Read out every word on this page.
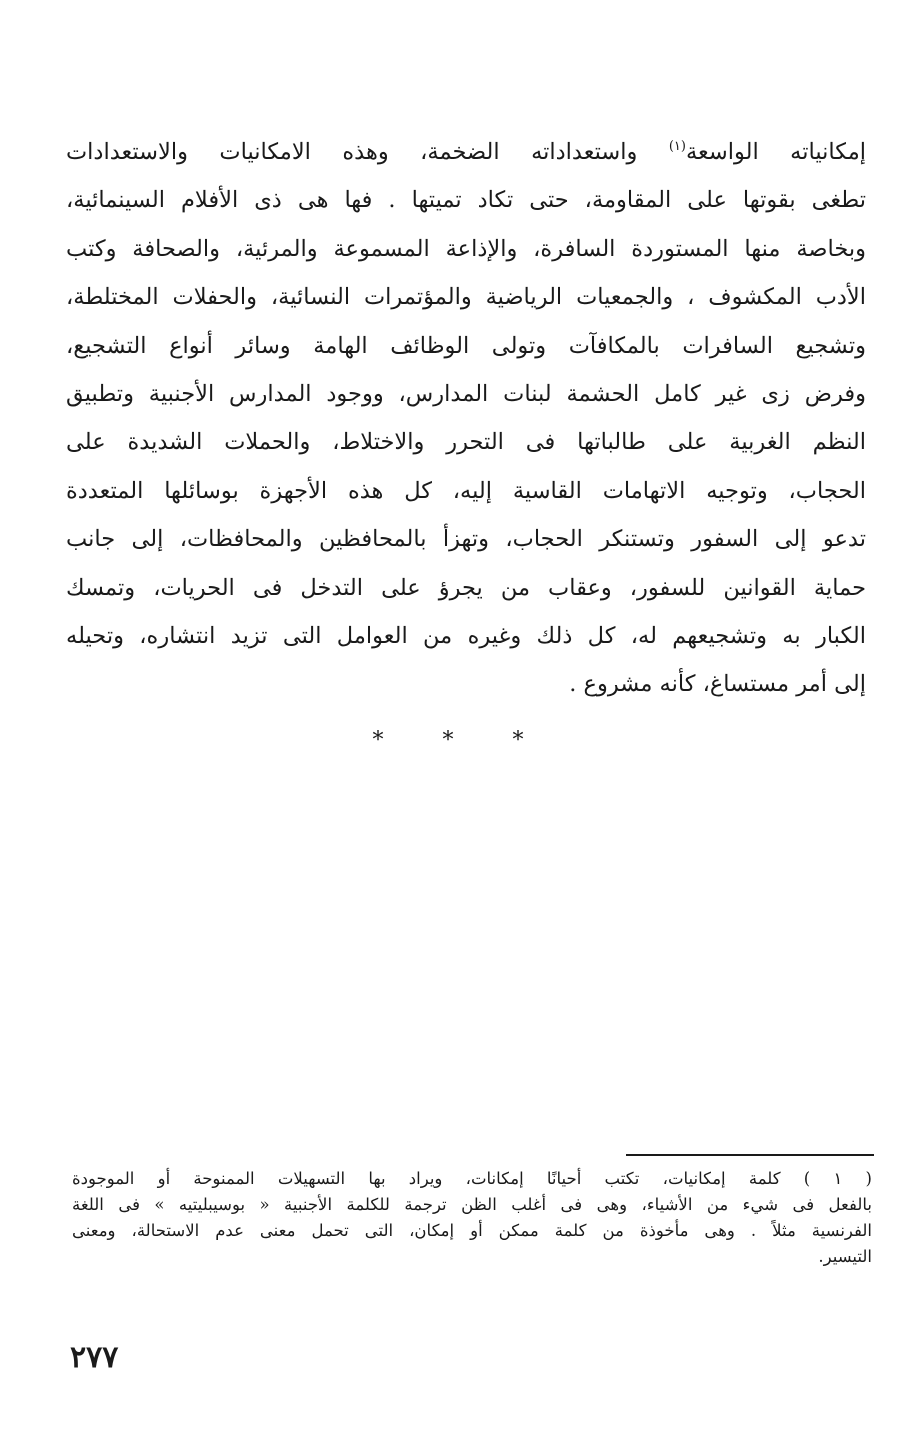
إمكانياته الواسعة$^{(١)}$ واستعداداته الضخمة، وهذه الامكانيات والاستعدادات
تطغى بقوتها على المقاومة، حتى تكاد تميتها . فها هى ذى الأفلام السينمائية،
وبخاصة منها المستوردة السافرة، والإذاعة المسموعة والمرئية، والصحافة وكتب
الأدب المكشوف ، والجمعيات الرياضية والمؤتمرات النسائية، والحفلات المختلطة،
وتشجيع السافرات بالمكافآت وتولى الوظائف الهامة وسائر أنواع التشجيع،
وفرض زى غير كامل الحشمة لبنات المدارس، ووجود المدارس الأجنبية وتطبيق
النظم الغربية على طالباتها فى التحرر والاختلاط، والحملات الشديدة على
الحجاب، وتوجيه الاتهامات القاسية إليه، كل هذه الأجهزة بوسائلها المتعددة
تدعو إلى السفور وتستنكر الحجاب، وتهزأ بالمحافظين والمحافظات، إلى جانب
حماية القوانين للسفور، وعقاب من يجرؤ على التدخل فى الحريات، وتمسك
الكبار به وتشجيعهم له، كل ذلك وغيره من العوامل التى تزيد انتشاره، وتحيله
إلى أمر مستساغ، كأنه مشروع .
* * *
( ١ ) كلمة إمكانيات، تكتب أحيانًا إمكانات، ويراد بها التسهيلات الممنوحة أو الموجودة
بالفعل فى شيء من الأشياء، وهى فى أغلب الظن ترجمة للكلمة الأجنبية « بوسيبليتيه » فى اللغة
الفرنسية مثلاً . وهى مأخوذة من كلمة ممكن أو إمكان، التى تحمل معنى عدم الاستحالة، ومعنى
التيسير.
٢٧٧
